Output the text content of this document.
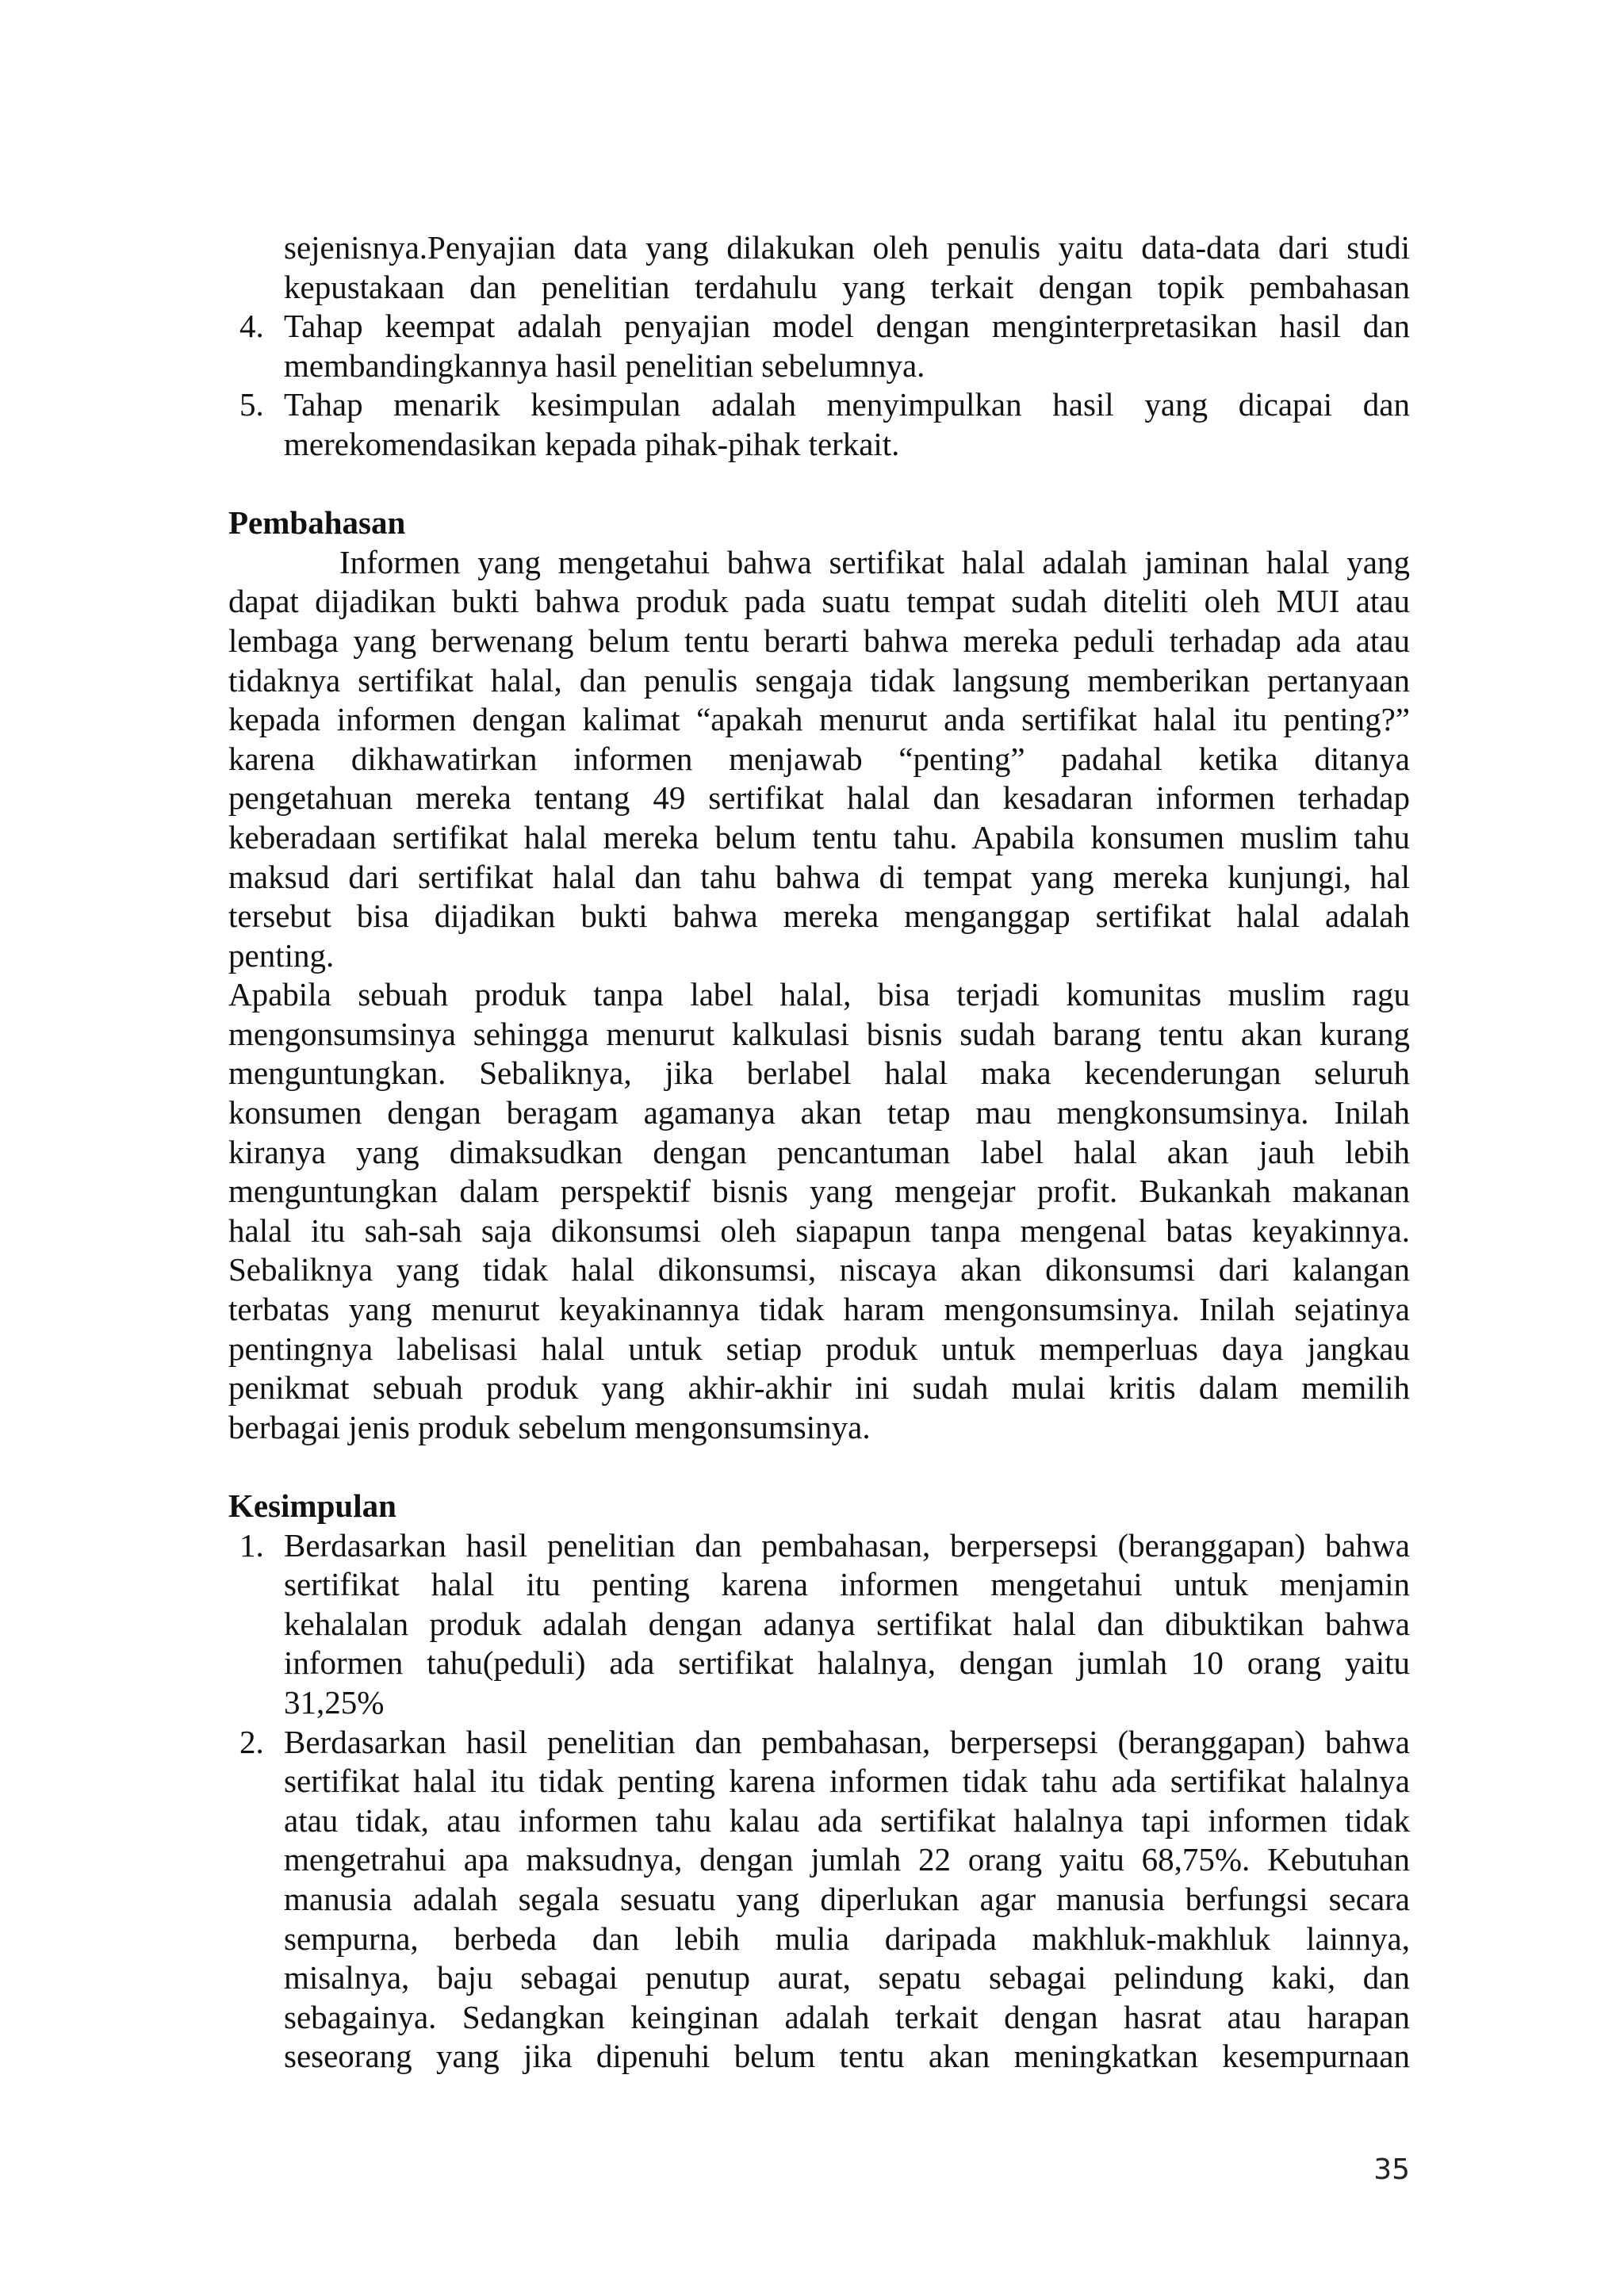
sejenisnya.Penyajian data yang dilakukan oleh penulis yaitu data-data dari studi

kepustakaan dan penelitian terdahulu yang terkait dengan topik pembahasan

4. Tahap keempat adalah penyajian model dengan menginterpretasikan hasil dan

membandingkannya hasil penelitian sebelumnya.

5. Tahap menarik kesimpulan adalah menyimpulkan hasil yang dicapai dan

merekomendasikan kepada pihak-pihak terkait.

Pembahasan

Informen yang mengetahui bahwa sertifikat halal adalah jaminan halal yang

dapat dijadikan bukti bahwa produk pada suatu tempat sudah diteliti oleh MUI atau

lembaga yang berwenang belum tentu berarti bahwa mereka peduli terhadap ada atau

tidaknya sertifikat halal, dan penulis sengaja tidak langsung memberikan pertanyaan

kepada informen dengan kalimat “apakah menurut anda sertifikat halal itu penting?”

karena dikhawatirkan informen menjawab “penting” padahal ketika ditanya

pengetahuan mereka tentang 49 sertifikat halal dan kesadaran informen terhadap

keberadaan sertifikat halal mereka belum tentu tahu. Apabila konsumen muslim tahu

maksud dari sertifikat halal dan tahu bahwa di tempat yang mereka kunjungi, hal

tersebut bisa dijadikan bukti bahwa mereka menganggap sertifikat halal adalah

penting.

Apabila sebuah produk tanpa label halal, bisa terjadi komunitas muslim ragu

mengonsumsinya sehingga menurut kalkulasi bisnis sudah barang tentu akan kurang

menguntungkan. Sebaliknya, jika berlabel halal maka kecenderungan seluruh

konsumen dengan beragam agamanya akan tetap mau mengkonsumsinya. Inilah

kiranya yang dimaksudkan dengan pencantuman label halal akan jauh lebih

menguntungkan dalam perspektif bisnis yang mengejar profit. Bukankah makanan

halal itu sah-sah saja dikonsumsi oleh siapapun tanpa mengenal batas keyakinnya.

Sebaliknya yang tidak halal dikonsumsi, niscaya akan dikonsumsi dari kalangan

terbatas yang menurut keyakinannya tidak haram mengonsumsinya. Inilah sejatinya

pentingnya labelisasi halal untuk setiap produk untuk memperluas daya jangkau

penikmat sebuah produk yang akhir-akhir ini sudah mulai kritis dalam memilih

berbagai jenis produk sebelum mengonsumsinya.

Kesimpulan

1. Berdasarkan hasil penelitian dan pembahasan, berpersepsi (beranggapan) bahwa

sertifikat halal itu penting karena informen mengetahui untuk menjamin

kehalalan produk adalah dengan adanya sertifikat halal dan dibuktikan bahwa

informen tahu(peduli) ada sertifikat halalnya, dengan jumlah 10 orang yaitu

31,25%

2. Berdasarkan hasil penelitian dan pembahasan, berpersepsi (beranggapan) bahwa

sertifikat halal itu tidak penting karena informen tidak tahu ada sertifikat halalnya

atau tidak, atau informen tahu kalau ada sertifikat halalnya tapi informen tidak

mengetrahui apa maksudnya, dengan jumlah 22 orang yaitu 68,75%. Kebutuhan

manusia adalah segala sesuatu yang diperlukan agar manusia berfungsi secara

sempurna, berbeda dan lebih mulia daripada makhluk-makhluk lainnya,

misalnya, baju sebagai penutup aurat, sepatu sebagai pelindung kaki, dan

sebagainya. Sedangkan keinginan adalah terkait dengan hasrat atau harapan

seseorang yang jika dipenuhi belum tentu akan meningkatkan kesempurnaan

35
